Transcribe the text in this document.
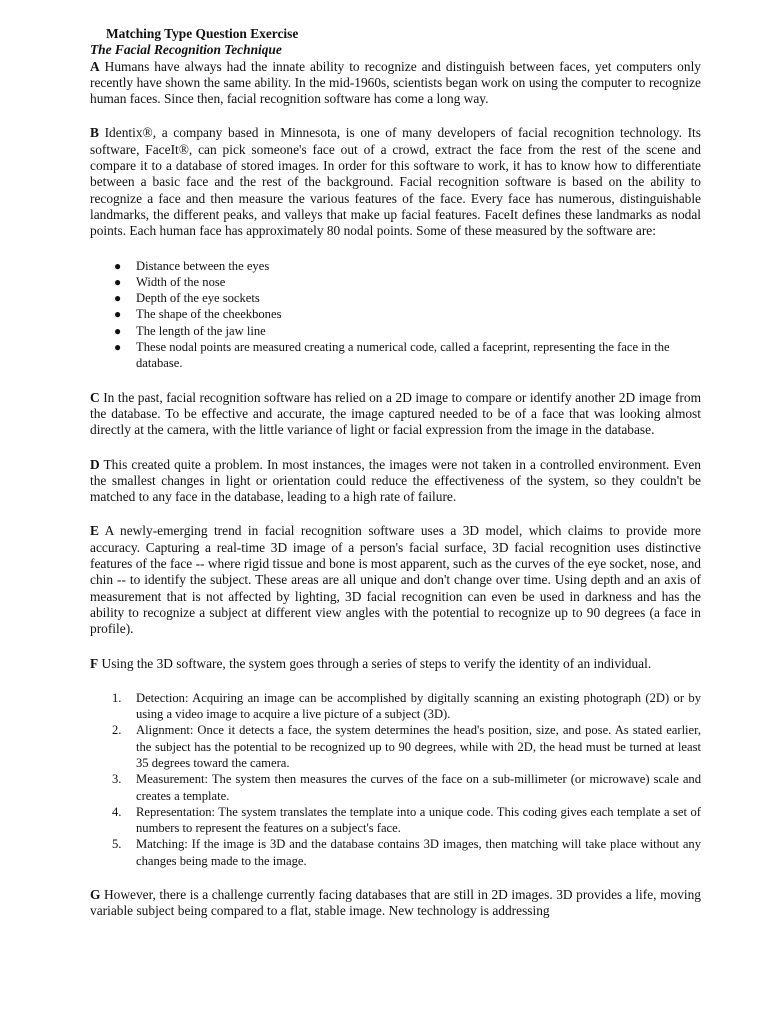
Matching Type Question Exercise
The Facial Recognition Technique

A Humans have always had the innate ability to recognize and distinguish between faces, yet computers only recently have shown the same ability. In the mid-1960s, scientists began work on using the computer to recognize human faces. Since then, facial recognition software has come a long way.

B Identix®, a company based in Minnesota, is one of many developers of facial recognition technology. Its software, FaceIt®, can pick someone's face out of a crowd, extract the face from the rest of the scene and compare it to a database of stored images. In order for this software to work, it has to know how to differentiate between a basic face and the rest of the background. Facial recognition software is based on the ability to recognize a face and then measure the various features of the face. Every face has numerous, distinguishable landmarks, the different peaks, and valleys that make up facial features. FaceIt defines these landmarks as nodal points. Each human face has approximately 80 nodal points. Some of these measured by the software are:

● Distance between the eyes
● Width of the nose
● Depth of the eye sockets
● The shape of the cheekbones
● The length of the jaw line
● These nodal points are measured creating a numerical code, called a faceprint, representing the face in the database.

C In the past, facial recognition software has relied on a 2D image to compare or identify another 2D image from the database. To be effective and accurate, the image captured needed to be of a face that was looking almost directly at the camera, with the little variance of light or facial expression from the image in the database.

D This created quite a problem. In most instances, the images were not taken in a controlled environment. Even the smallest changes in light or orientation could reduce the effectiveness of the system, so they couldn't be matched to any face in the database, leading to a high rate of failure.

E A newly-emerging trend in facial recognition software uses a 3D model, which claims to provide more accuracy. Capturing a real-time 3D image of a person's facial surface, 3D facial recognition uses distinctive features of the face -- where rigid tissue and bone is most apparent, such as the curves of the eye socket, nose, and chin -- to identify the subject. These areas are all unique and don't change over time. Using depth and an axis of measurement that is not affected by lighting, 3D facial recognition can even be used in darkness and has the ability to recognize a subject at different view angles with the potential to recognize up to 90 degrees (a face in profile).

F Using the 3D software, the system goes through a series of steps to verify the identity of an individual.

1. Detection: Acquiring an image can be accomplished by digitally scanning an existing photograph (2D) or by using a video image to acquire a live picture of a subject (3D).
2. Alignment: Once it detects a face, the system determines the head's position, size, and pose. As stated earlier, the subject has the potential to be recognized up to 90 degrees, while with 2D, the head must be turned at least 35 degrees toward the camera.
3. Measurement: The system then measures the curves of the face on a sub-millimeter (or microwave) scale and creates a template.
4. Representation: The system translates the template into a unique code. This coding gives each template a set of numbers to represent the features on a subject's face.
5. Matching: If the image is 3D and the database contains 3D images, then matching will take place without any changes being made to the image.

G However, there is a challenge currently facing databases that are still in 2D images. 3D provides a life, moving variable subject being compared to a flat, stable image. New technology is addressing
